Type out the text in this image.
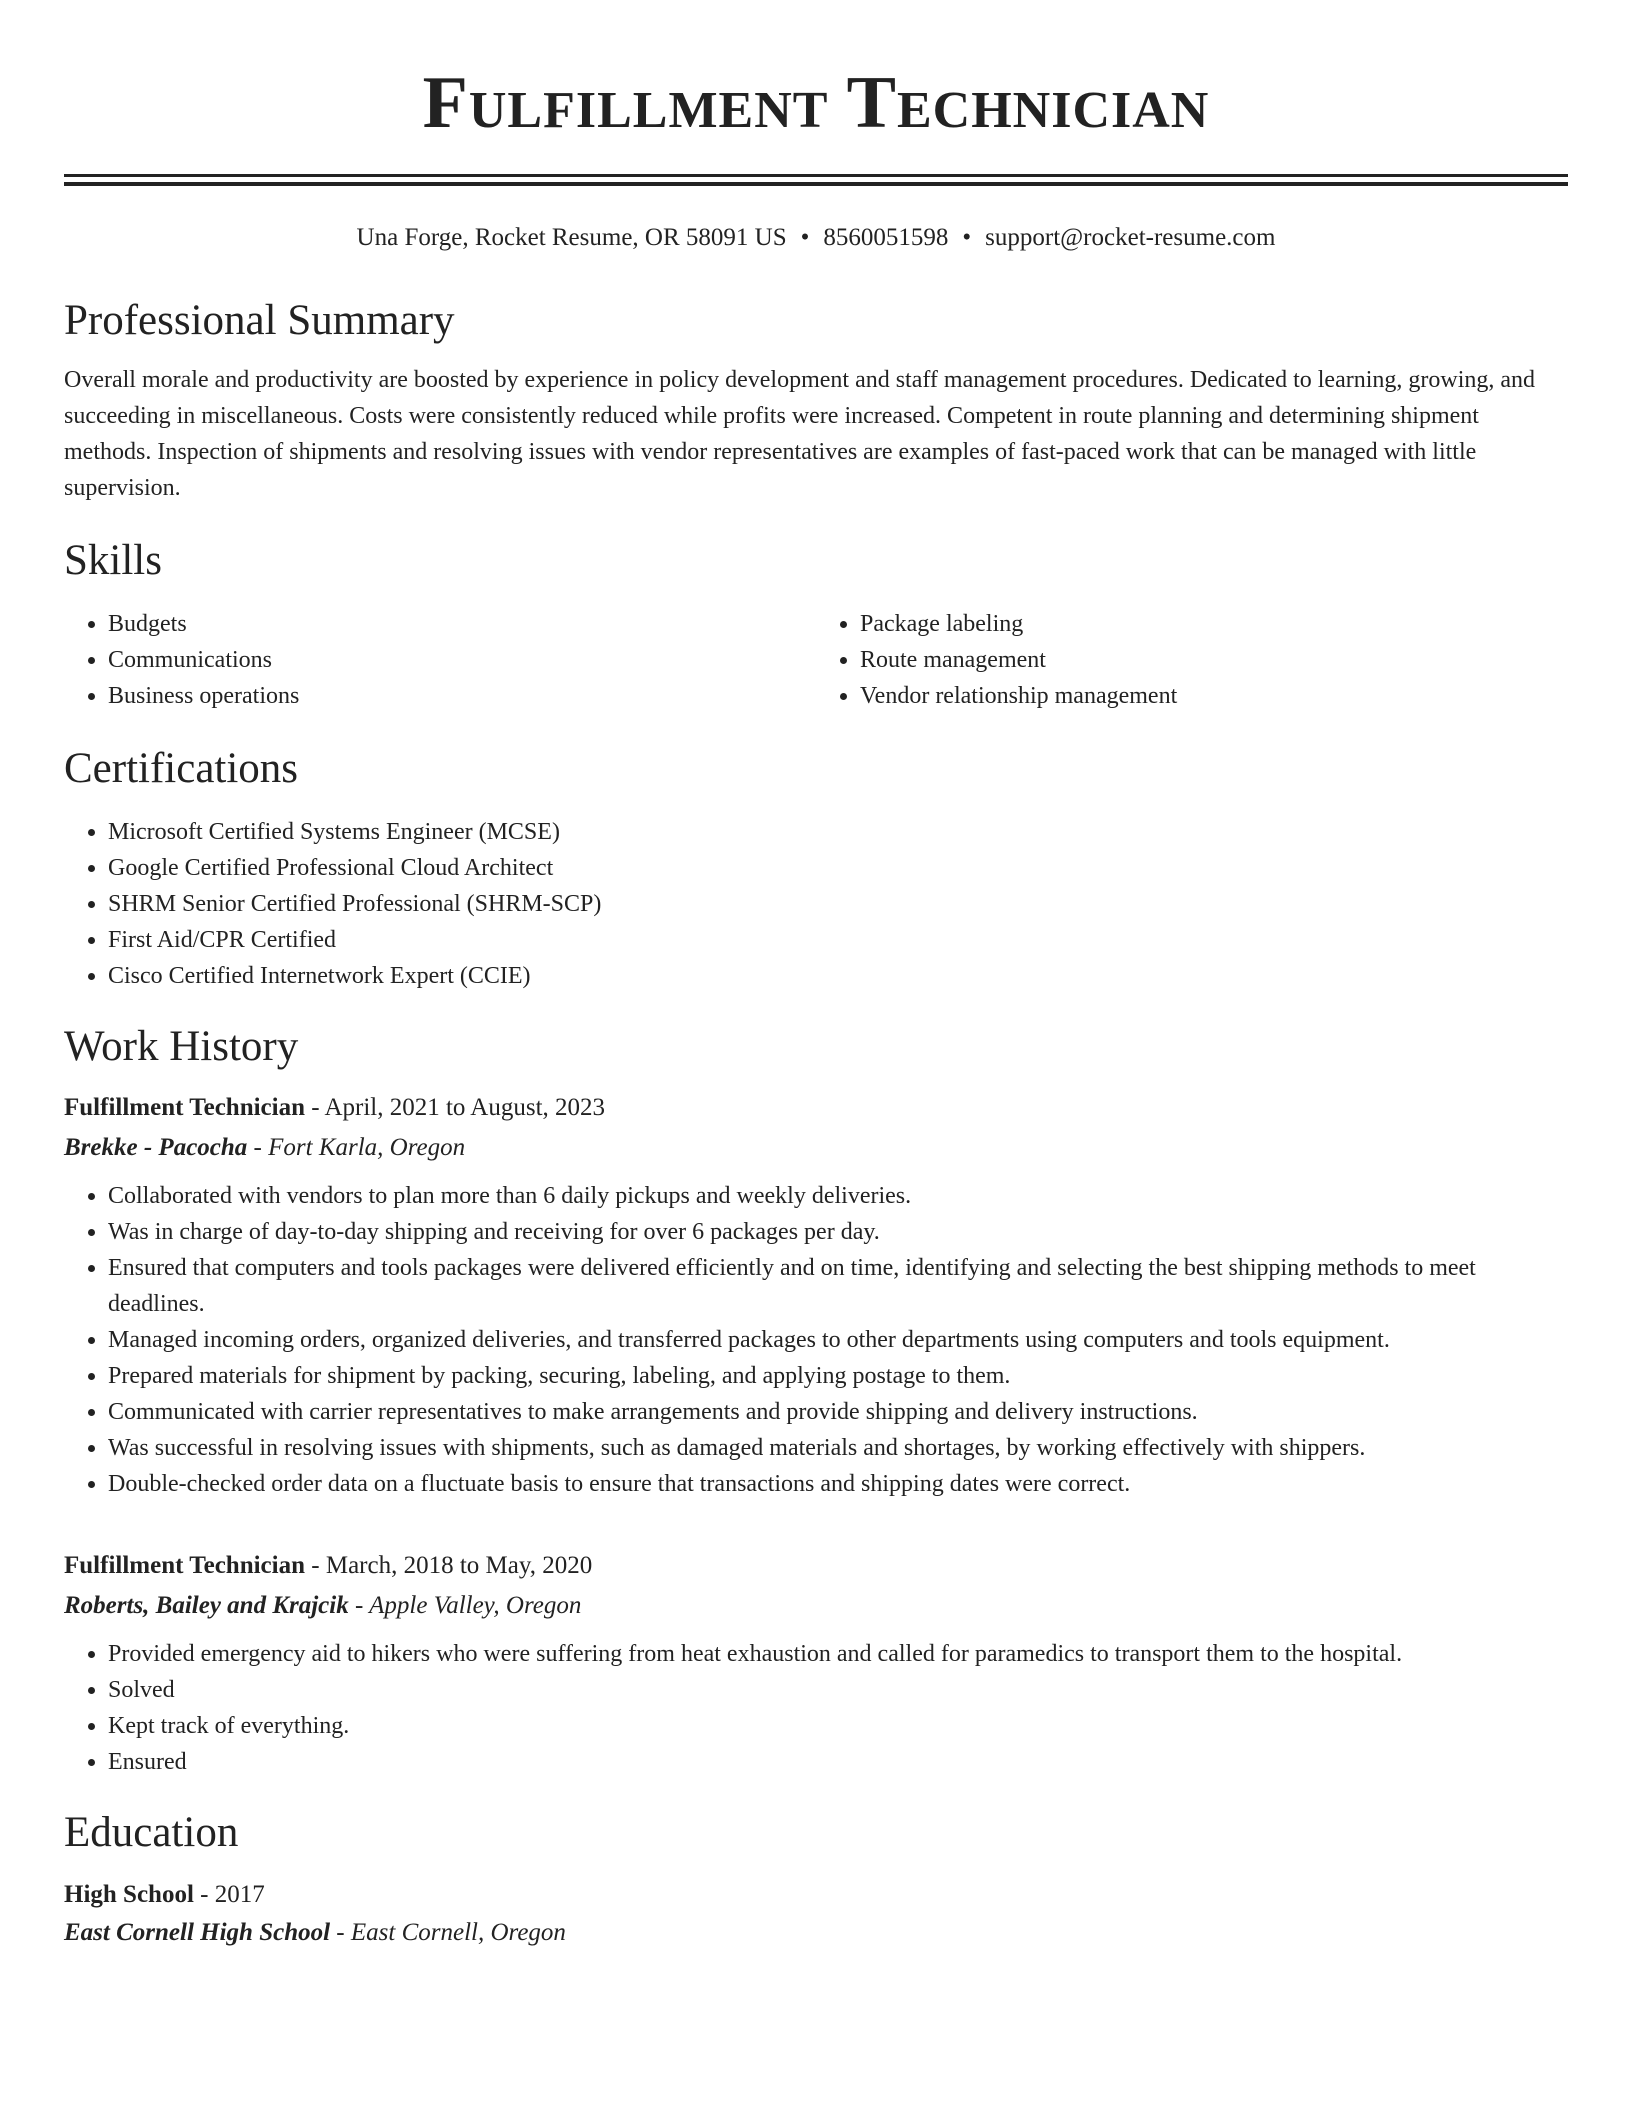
Fulfillment Technician
Una Forge, Rocket Resume, OR 58091 US • 8560051598 • support@rocket-resume.com
Professional Summary

Overall morale and productivity are boosted by experience in policy development and staff management procedures. Dedicated to learning, growing, and succeeding in miscellaneous. Costs were consistently reduced while profits were increased. Competent in route planning and determining shipment methods. Inspection of shipments and resolving issues with vendor representatives are examples of fast-paced work that can be managed with little supervision.

Skills
• Budgets
• Communications
• Business operations
• Package labeling
• Route management
• Vendor relationship management
Certifications
• Microsoft Certified Systems Engineer (MCSE)
• Google Certified Professional Cloud Architect
• SHRM Senior Certified Professional (SHRM-SCP)
• First Aid/CPR Certified
• Cisco Certified Internetwork Expert (CCIE)
Work History
Fulfillment Technician - April, 2021 to August, 2023
Brekke - Pacocha - Fort Karla, Oregon
• Collaborated with vendors to plan more than 6 daily pickups and weekly deliveries.
• Was in charge of day-to-day shipping and receiving for over 6 packages per day.
• Ensured that computers and tools packages were delivered efficiently and on time, identifying and selecting the best shipping methods to meet deadlines.
• Managed incoming orders, organized deliveries, and transferred packages to other departments using computers and tools equipment.
• Prepared materials for shipment by packing, securing, labeling, and applying postage to them.
• Communicated with carrier representatives to make arrangements and provide shipping and delivery instructions.
• Was successful in resolving issues with shipments, such as damaged materials and shortages, by working effectively with shippers.
• Double-checked order data on a fluctuate basis to ensure that transactions and shipping dates were correct.
Fulfillment Technician - March, 2018 to May, 2020
Roberts, Bailey and Krajcik - Apple Valley, Oregon
• Provided emergency aid to hikers who were suffering from heat exhaustion and called for paramedics to transport them to the hospital.
• Solved
• Kept track of everything.
• Ensured
Education
High School - 2017
East Cornell High School - East Cornell, Oregon
